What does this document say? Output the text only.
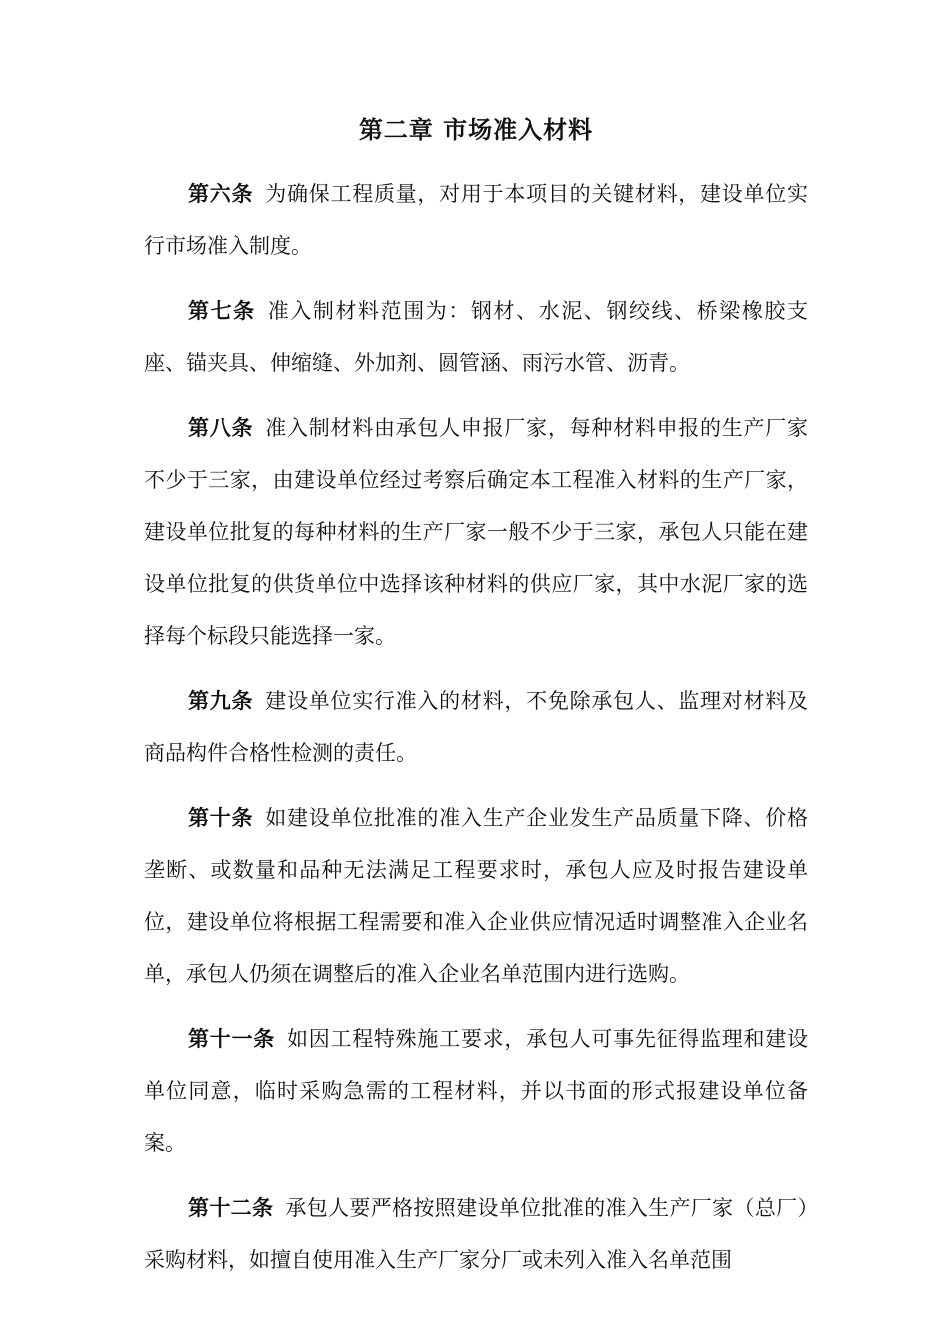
第二章 市场准入材料

第六条 为确保工程质量，对用于本项目的关键材料，建设单位实行市场准入制度。

第七条 准入制材料范围为：钢材、水泥、钢绞线、桥梁橡胶支座、锚夹具、伸缩缝、外加剂、圆管涵、雨污水管、沥青。

第八条 准入制材料由承包人申报厂家，每种材料申报的生产厂家不少于三家，由建设单位经过考察后确定本工程准入材料的生产厂家，建设单位批复的每种材料的生产厂家一般不少于三家，承包人只能在建设单位批复的供货单位中选择该种材料的供应厂家，其中水泥厂家的选择每个标段只能选择一家。

第九条 建设单位实行准入的材料，不免除承包人、监理对材料及商品构件合格性检测的责任。

第十条 如建设单位批准的准入生产企业发生产品质量下降、价格垄断、或数量和品种无法满足工程要求时，承包人应及时报告建设单位，建设单位将根据工程需要和准入企业供应情况适时调整准入企业名单，承包人仍须在调整后的准入企业名单范围内进行选购。

第十一条 如因工程特殊施工要求，承包人可事先征得监理和建设单位同意，临时采购急需的工程材料，并以书面的形式报建设单位备案。

第十二条 承包人要严格按照建设单位批准的准入生产厂家（总厂）采购材料，如擅自使用准入生产厂家分厂或未列入准入名单范围
